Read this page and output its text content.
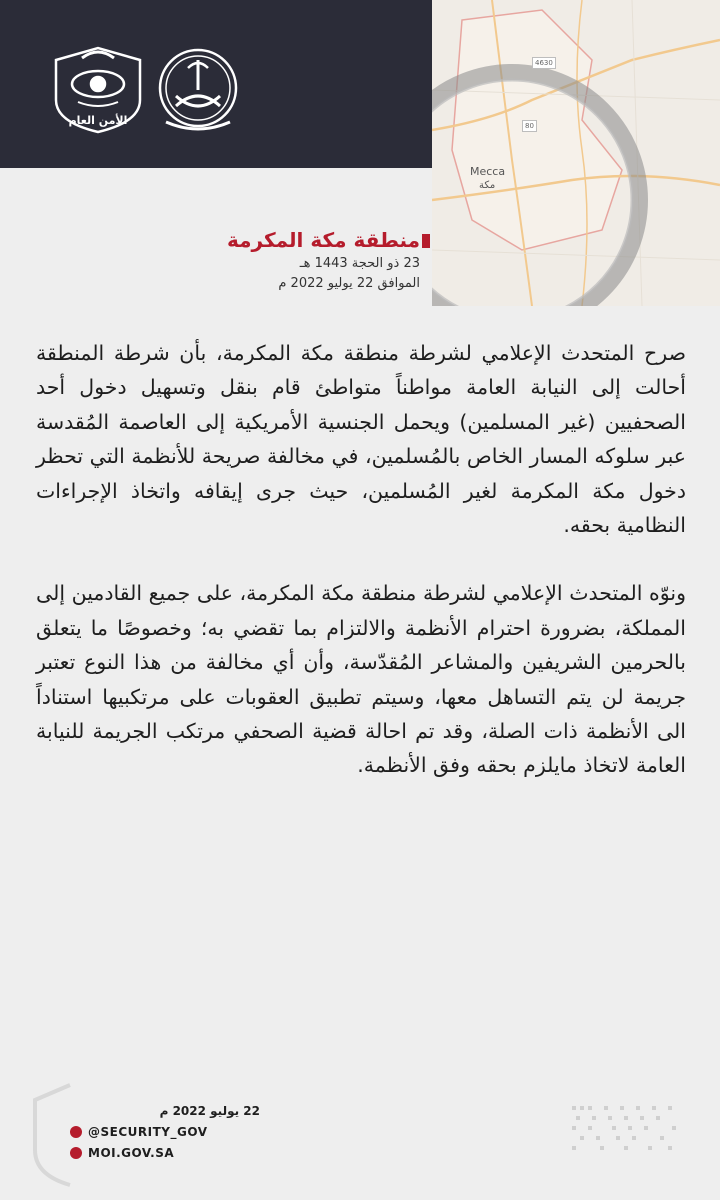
الأمن العام
Mecca
مكة
4630
80
منطقة مكة المكرمة
23 ذو الحجة 1443 هـ
الموافق 22 يوليو 2022 م

صرح المتحدث الإعلامي لشرطة منطقة مكة المكرمة، بأن شرطة المنطقة أحالت إلى النيابة العامة مواطناً متواطئ قام بنقل وتسهيل دخول أحد الصحفيين (غير المسلمين) ويحمل الجنسية الأمريكية إلى العاصمة المُقدسة عبر سلوكه المسار الخاص بالمُسلمين، في مخالفة صريحة للأنظمة التي تحظر دخول مكة المكرمة لغير المُسلمين، حيث جرى إيقافه واتخاذ الإجراءات النظامية بحقه.

ونوّه المتحدث الإعلامي لشرطة منطقة مكة المكرمة، على جميع القادمين إلى المملكة، بضرورة احترام الأنظمة والالتزام بما تقضي به؛ وخصوصًا ما يتعلق بالحرمين الشريفين والمشاعر المُقدّسة، وأن أي مخالفة من هذا النوع تعتبر جريمة لن يتم التساهل معها، وسيتم تطبيق العقوبات على مرتكبيها استناداً الى الأنظمة ذات الصلة، وقد تم احالة قضية الصحفي مرتكب الجريمة للنيابة العامة لاتخاذ مايلزم بحقه وفق الأنظمة.

22 يوليو 2022 م
@SECURITY_GOV
MOI.GOV.SA
